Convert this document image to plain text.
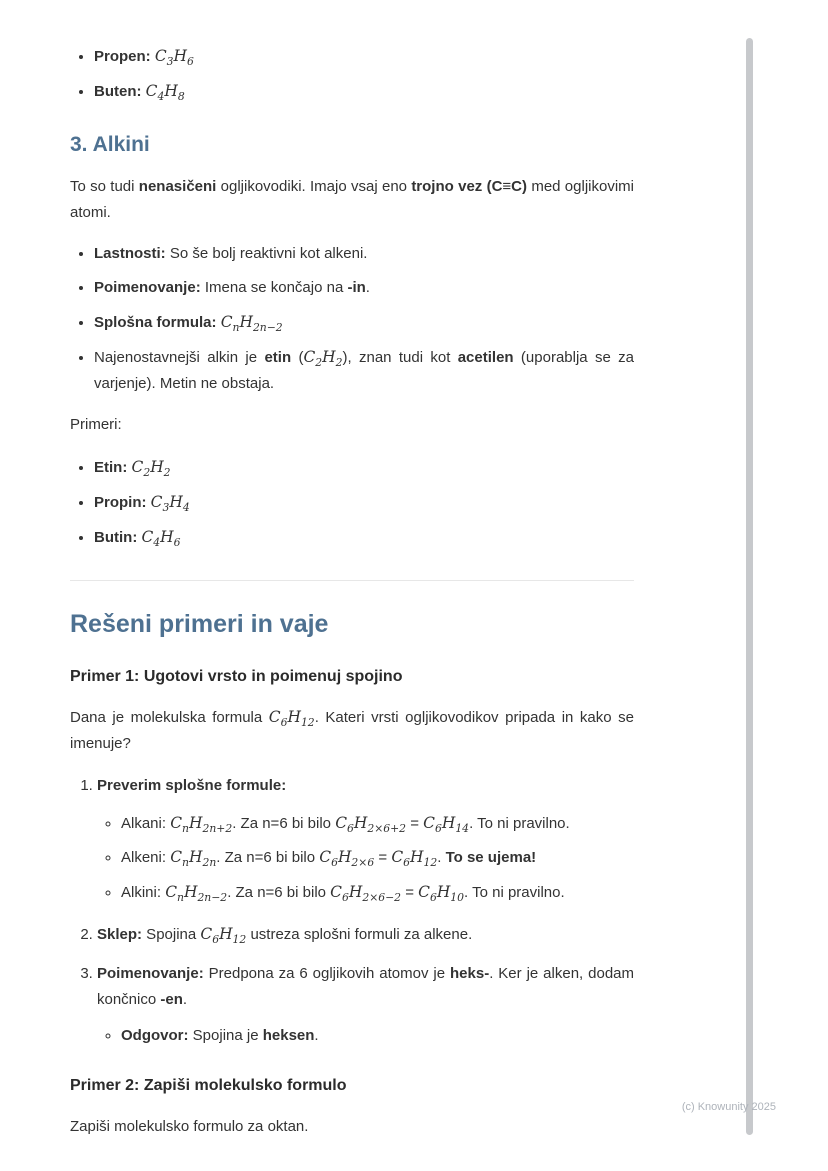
• Propen: $C_3H_6$
• Buten: $C_4H_8$
3. Alkini

To so tudi nenasičeni ogljikovodiki. Imajo vsaj eno trojno vez (C≡C) med ogljikovimi atomi.

• Lastnosti: So še bolj reaktivni kot alkeni.
• Poimenovanje: Imena se končajo na -in.
• Splošna formula: $C_nH_{2n-2}$
• Najenostavnejši alkin je etin $(C_2H_2)$, znan tudi kot acetilen (uporablja se za varjenje). Metin ne obstaja.

Primeri:

• Etin: $C_2H_2$
• Propin: $C_3H_4$
• Butin: $C_4H_6$
Rešeni primeri in vaje
Primer 1: Ugotovi vrsto in poimenuj spojino

Dana je molekulska formula $C_6H_{12}$. Kateri vrsti ogljikovodikov pripada in kako se imenuje?

1. Preverim splošne formule:
◦ Alkani: $C_nH_{2n+2}$. Za n=6 bi bilo $C_6H_{2\times 6+2} = C_6H_{14}$. To ni pravilno.
◦ Alkeni: $C_nH_{2n}$. Za n=6 bi bilo $C_6H_{2\times 6} = C_6H_{12}$. To se ujema!
◦ Alkini: $C_nH_{2n-2}$. Za n=6 bi bilo $C_6H_{2\times 6-2} = C_6H_{10}$. To ni pravilno.
2. Sklep: Spojina $C_6H_{12}$ ustreza splošni formuli za alkene.
3. Poimenovanje: Predpona za 6 ogljikovih atomov je heks-. Ker je alken, dodam končnico -en.
◦ Odgovor: Spojina je heksen.
Primer 2: Zapiši molekulsko formulo

Zapiši molekulsko formulo za oktan.

(c) Knowunity 2025
